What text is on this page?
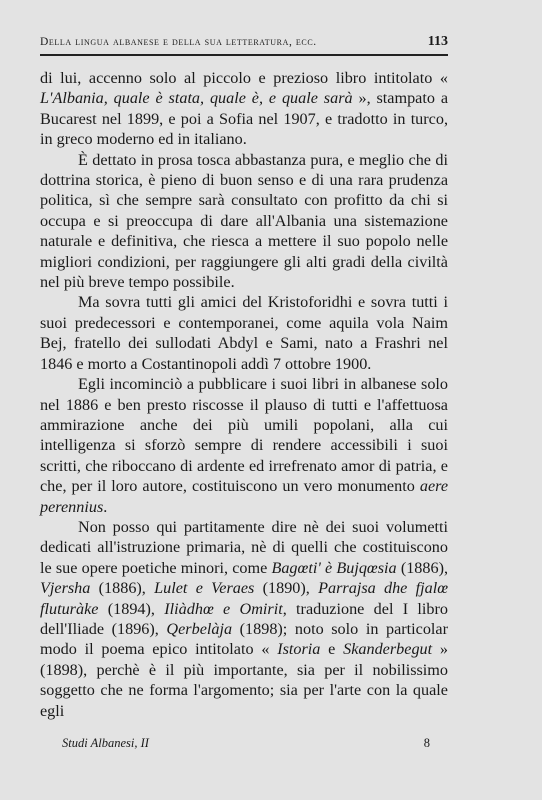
Della lingua albanese e della sua letteratura, ecc.	113

di lui, accenno solo al piccolo e prezioso libro intitolato « L'Albania, quale è stata, quale è, e quale sarà », stampato a Bucarest nel 1899, e poi a Sofia nel 1907, e tradotto in turco, in greco moderno ed in italiano.

È dettato in prosa tosca abbastanza pura, e meglio che di dottrina storica, è pieno di buon senso e di una rara prudenza politica, sì che sempre sarà consultato con profitto da chi si occupa e si preoccupa di dare all'Albania una sistemazione naturale e definitiva, che riesca a mettere il suo popolo nelle migliori condizioni, per raggiungere gli alti gradi della civiltà nel più breve tempo possibile.

Ma sovra tutti gli amici del Kristoforidhi e sovra tutti i suoi predecessori e contemporanei, come aquila vola Naim Bej, fratello dei sullodati Abdyl e Sami, nato a Frashri nel 1846 e morto a Costantinopoli addì 7 ottobre 1900.

Egli incominciò a pubblicare i suoi libri in albanese solo nel 1886 e ben presto riscosse il plauso di tutti e l'affettuosa ammirazione anche dei più umili popolani, alla cui intelligenza si sforzò sempre di rendere accessibili i suoi scritti, che riboccano di ardente ed irrefrenato amor di patria, e che, per il loro autore, costituiscono un vero monumento aere perennius.

Non posso qui partitamente dire nè dei suoi volumetti dedicati all'istruzione primaria, nè di quelli che costituiscono le sue opere poetiche minori, come Bagœti' è Bujqœsia (1886), Vjersha (1886), Lulet e Veraes (1890), Parrajsa dhe fjalœ fluturàke (1894), Iliàdhœ e Omirit, traduzione del I libro dell'Iliade (1896), Qerbelàja (1898); noto solo in particolar modo il poema epico intitolato « Istoria e Skanderbegut » (1898), perchè è il più importante, sia per il nobilissimo soggetto che ne forma l'argomento; sia per l'arte con la quale egli

Studi Albanesi, II	8
